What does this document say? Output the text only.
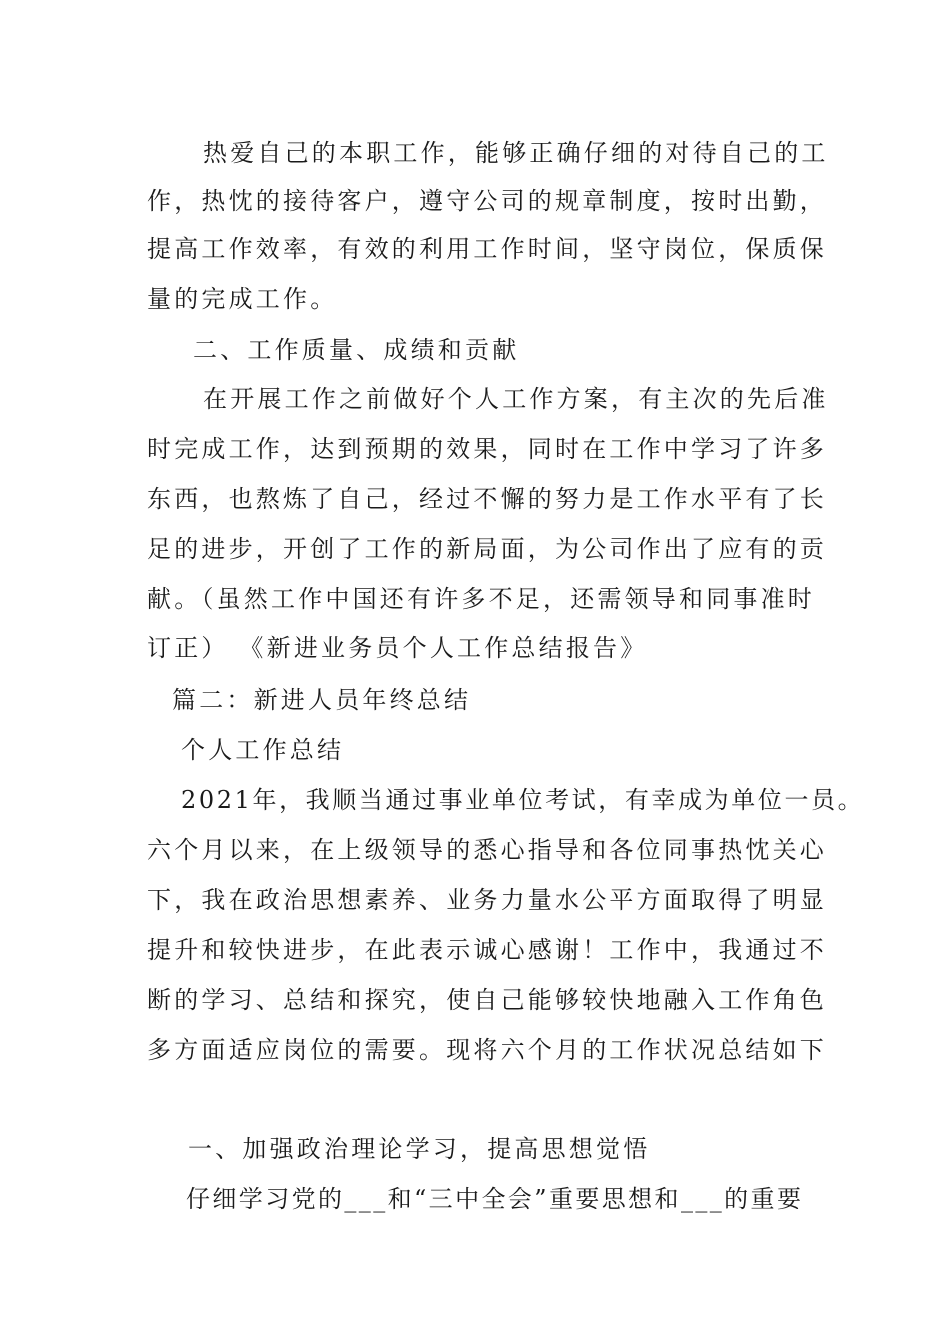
热爱自己的本职工作，能够正确仔细的对待自己的工
作，热忱的接待客户，遵守公司的规章制度，按时出勤，
提高工作效率，有效的利用工作时间，坚守岗位，保质保
量的完成工作。
二、工作质量、成绩和贡献
在开展工作之前做好个人工作方案，有主次的先后准
时完成工作，达到预期的效果，同时在工作中学习了许多
东西，也熬炼了自己，经过不懈的努力是工作水平有了长
足的进步，开创了工作的新局面，为公司作出了应有的贡
献。（虽然工作中国还有许多不足，还需领导和同事准时
订正） 《新进业务员个人工作总结报告》
篇二：新进人员年终总结
个人工作总结
2021年，我顺当通过事业单位考试，有幸成为单位一员。
六个月以来，在上级领导的悉心指导和各位同事热忱关心
下，我在政治思想素养、业务力量水公平方面取得了明显
提升和较快进步，在此表示诚心感谢！工作中，我通过不
断的学习、总结和探究，使自己能够较快地融入工作角色
多方面适应岗位的需要。现将六个月的工作状况总结如下
一、加强政治理论学习，提高思想觉悟
仔细学习党的___和“三中全会”重要思想和___的重要
